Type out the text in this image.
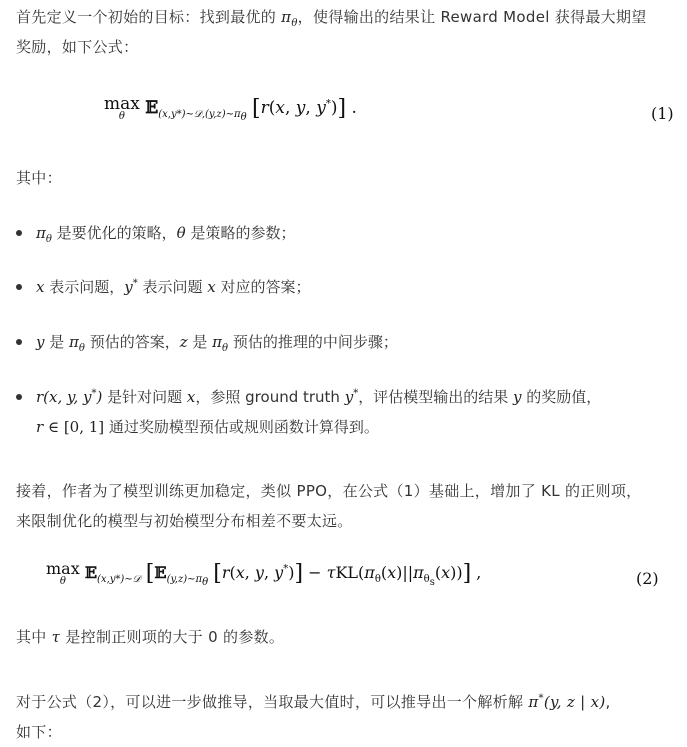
首先定义一个初始的目标：找到最优的 $\pi_\theta$，使得输出的结果让 Reward Model 获得最大期望
奖励，如下公式：
max
θ	𝔼$_{(x,y*)\sim 𝒟,(y,z)\sim\pi_\theta}$ [r(x, y, y*)] .	(1)
其中：
$\pi_\theta$ 是要优化的策略，θ 是策略的参数；
x 表示问题，y* 表示问题 x 对应的答案；
y 是 $\pi_\theta$ 预估的答案，z 是 $\pi_\theta$ 预估的推理的中间步骤；
r(x, y, y*) 是针对问题 x，参照 ground truth y*，评估模型输出的结果 y 的奖励值，
r ∈ [0, 1] 通过奖励模型预估或规则函数计算得到。
接着，作者为了模型训练更加稳定，类似 PPO，在公式（1）基础上，增加了 KL 的正则项，
来限制优化的模型与初始模型分布相差不要太远。
max
θ	𝔼$_{(x,y*)\sim 𝒟}$ [𝔼$_{(y,z)\sim\pi_\theta}$ [r(x, y, $y^*)] - \tau KL(\pi_\theta(x)||\pi_{\theta_s}(x))$] ,	(2)
其中 τ 是控制正则项的大于 0 的参数。
对于公式（2），可以进一步做推导，当取最大值时，可以推导出一个解析解 π*(y, z | x),
如下：
